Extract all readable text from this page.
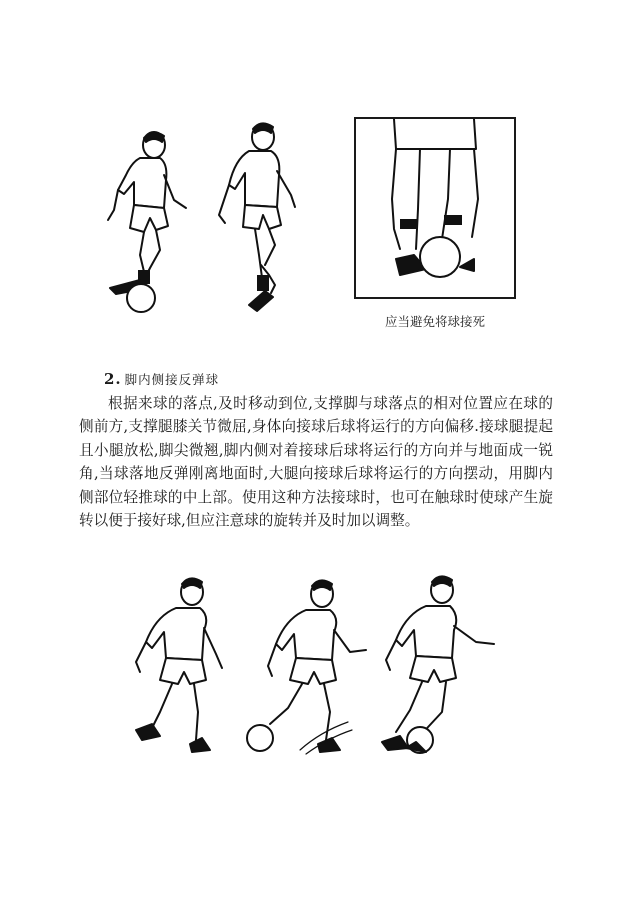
应当避免将球接死
2. 脚内侧接反弹球

根据来球的落点,及时移动到位,支撑脚与球落点的相对位置应在球的侧前方,支撑腿膝关节微屈,身体向接球后球将运行的方向偏移.接球腿提起且小腿放松,脚尖微翘,脚内侧对着接球后球将运行的方向并与地面成一锐角,当球落地反弹刚离地面时,大腿向接球后球将运行的方向摆动，用脚内侧部位轻推球的中上部。使用这种方法接球时，也可在触球时使球产生旋转以便于接好球,但应注意球的旋转并及时加以调整。
